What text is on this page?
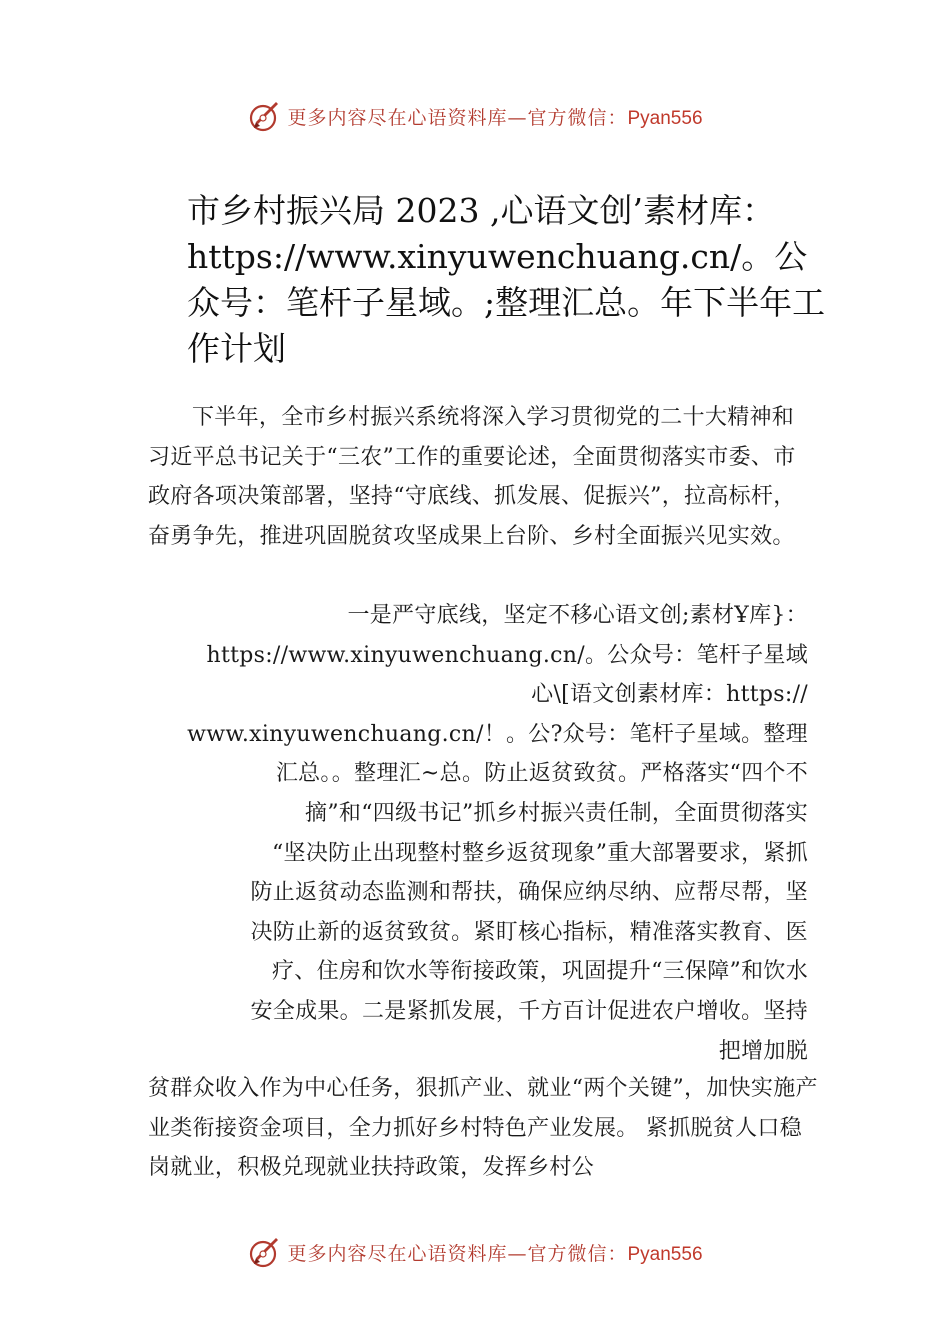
更多内容尽在心语资料库—官方微信：Pyan556
市乡村振兴局 2023 ,心语文创’素材库：https://www.xinyuwenchuang.cn/。公众号：笔杆子星域。;整理汇总。年下半年工作计划

下半年，全市乡村振兴系统将深入学习贯彻党的二十大精神和习近平总书记关于“三农”工作的重要论述，全面贯彻落实市委、市政府各项决策部署，坚持“守底线、抓发展、促振兴”，拉高标杆，奋勇争先，推进巩固脱贫攻坚成果上台阶、乡村全面振兴见实效。

一是严守底线，坚定不移心语文创;素材Ұ库}：
https://www.xinyuwenchuang.cn/。公众号：笔杆子星域
心\[语文创素材库：https://
www.xinyuwenchuang.cn/！。公?众号：笔杆子星域。整理
汇总。。整理汇~总。防止返贫致贫。严格落实“四个不
摘”和“四级书记”抓乡村振兴责任制，全面贯彻落实
“坚决防止出现整村整乡返贫现象”重大部署要求，紧抓
防止返贫动态监测和帮扶，确保应纳尽纳、应帮尽帮，坚
决防止新的返贫致贫。紧盯核心指标，精准落实教育、医
疗、住房和饮水等衔接政策，巩固提升“三保障”和饮水
安全成果。二是紧抓发展，千方百计促进农户增收。坚持
把增加脱

贫群众收入作为中心任务，狠抓产业、就业“两个关键”，加快实施产业类衔接资金项目，全力抓好乡村特色产业发展。 紧抓脱贫人口稳岗就业，积极兑现就业扶持政策，发挥乡村公

更多内容尽在心语资料库—官方微信：Pyan556
